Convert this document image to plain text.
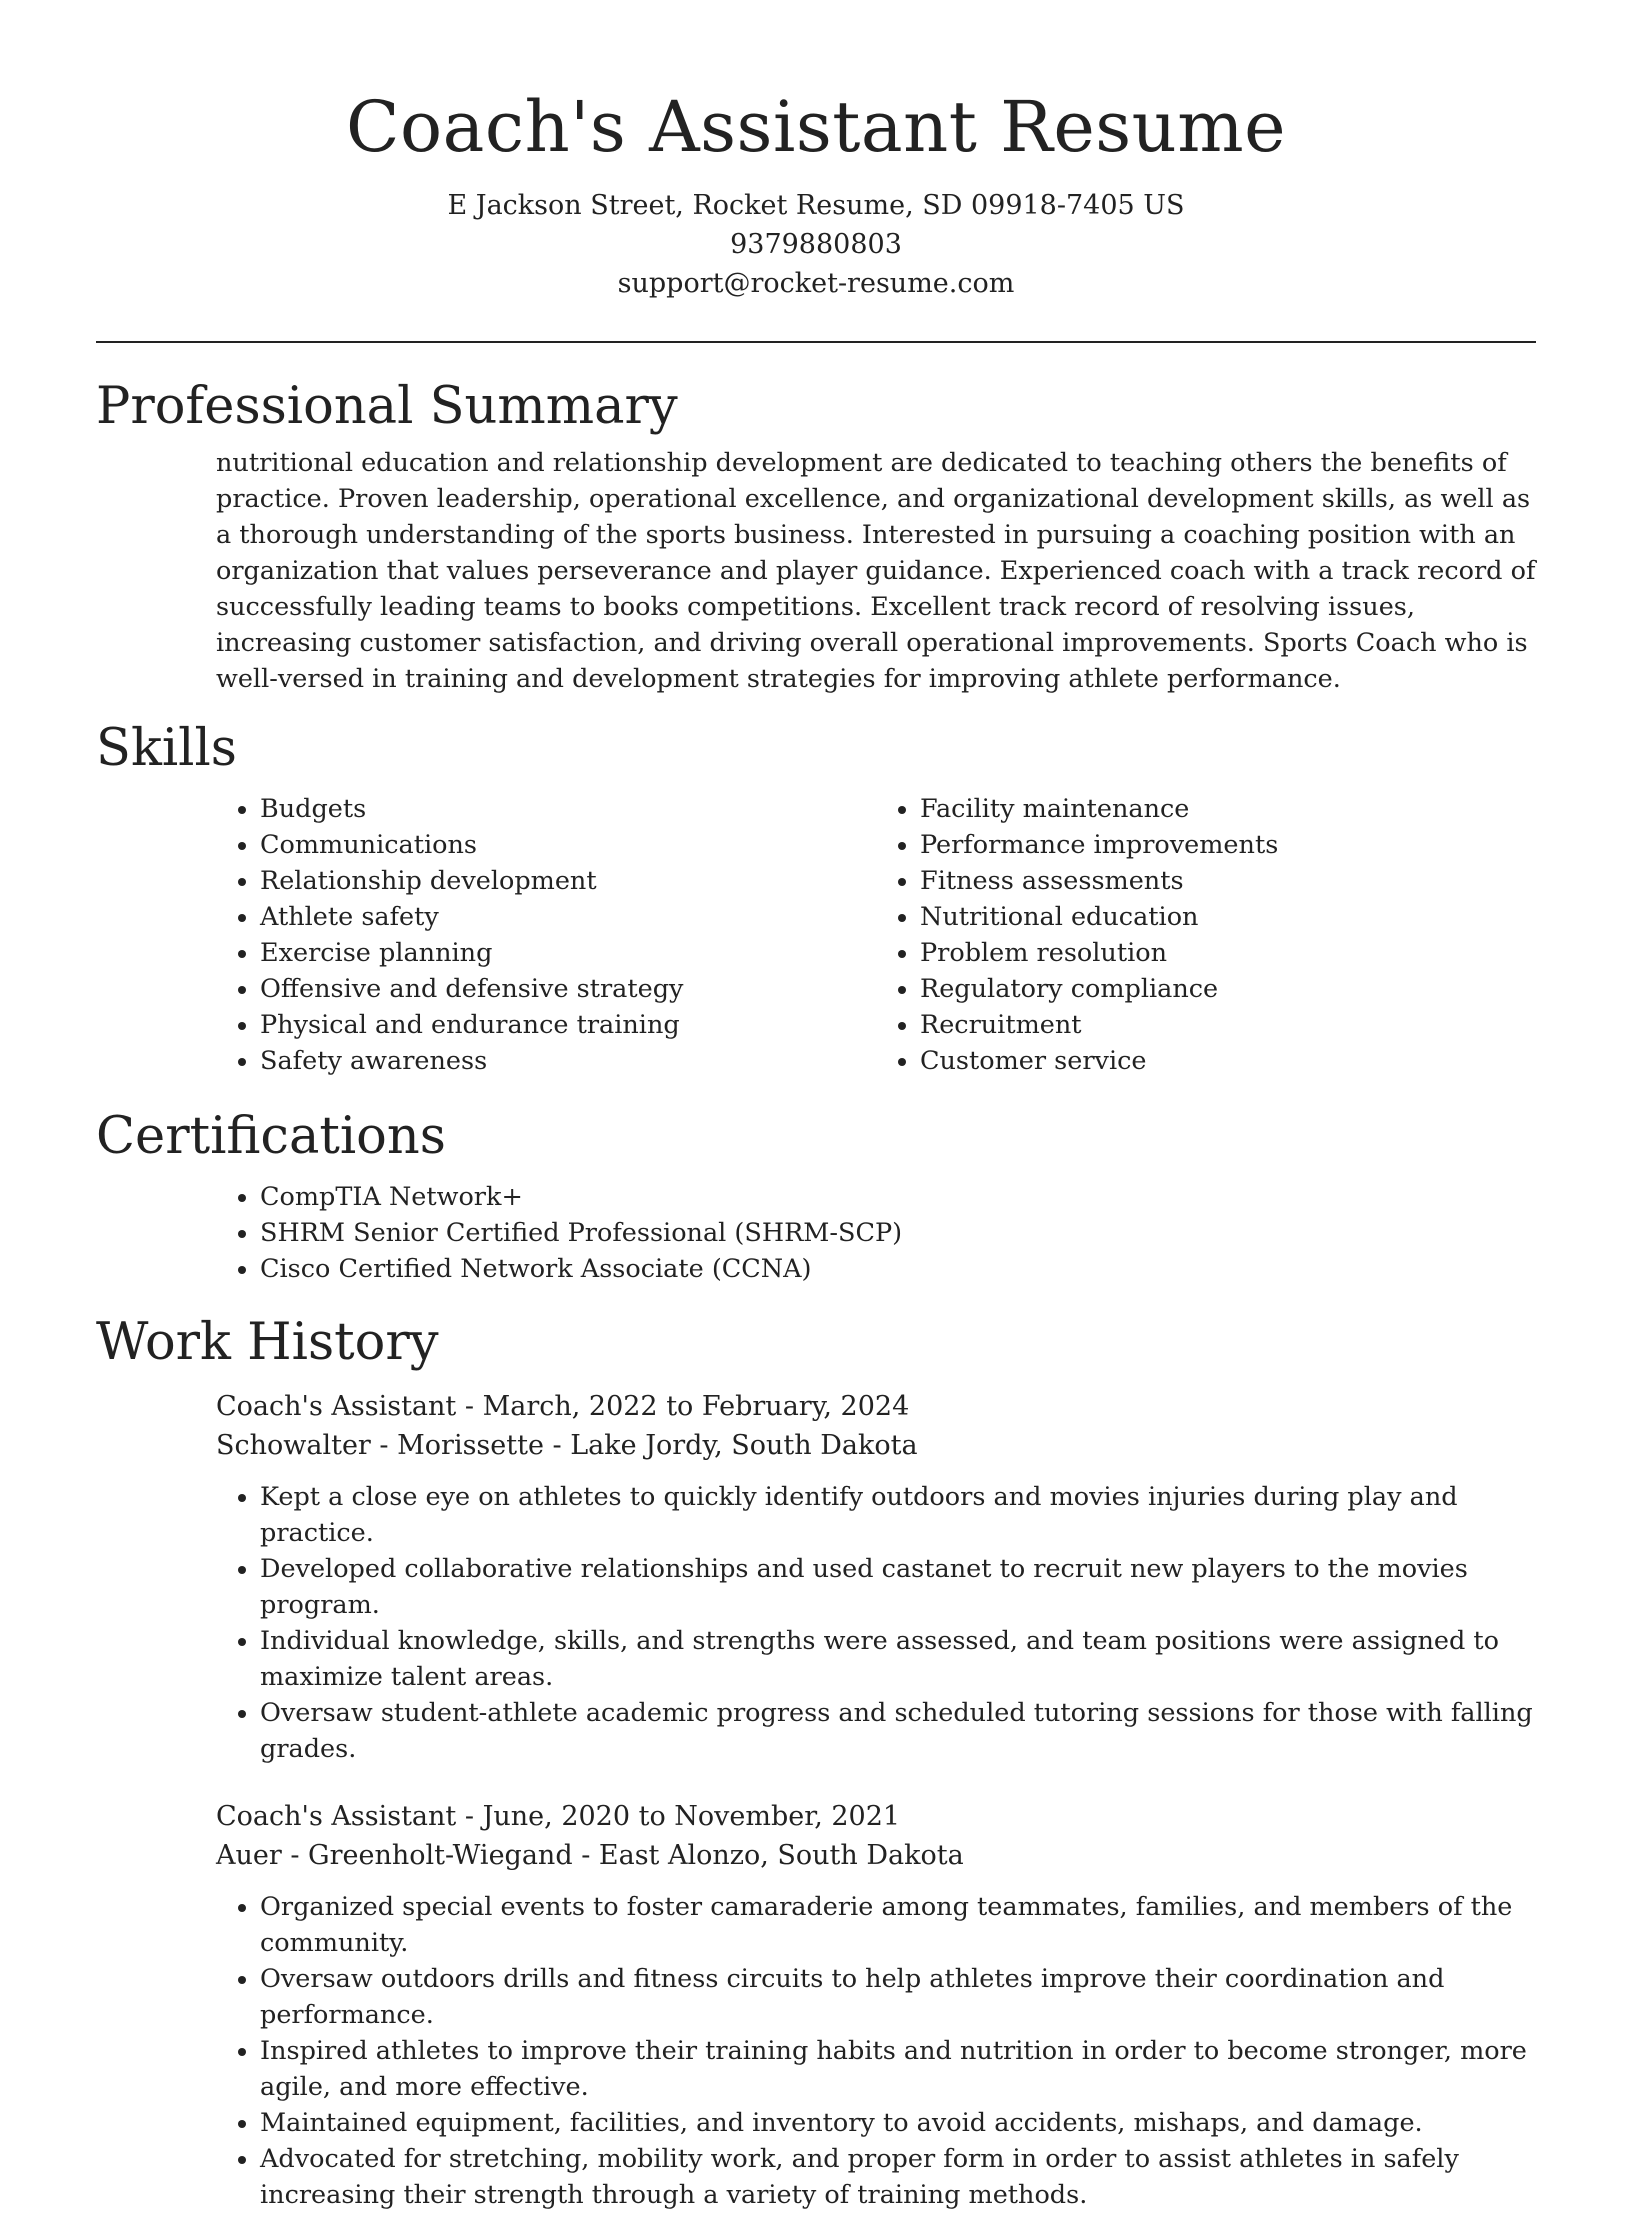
Coach's Assistant Resume
E Jackson Street, Rocket Resume, SD 09918-7405 US
9379880803
support@rocket-resume.com
Professional Summary

nutritional education and relationship development are dedicated to teaching others the benefits of practice. Proven leadership, operational excellence, and organizational development skills, as well as a thorough understanding of the sports business. Interested in pursuing a coaching position with an organization that values perseverance and player guidance. Experienced coach with a track record of successfully leading teams to books competitions. Excellent track record of resolving issues, increasing customer satisfaction, and driving overall operational improvements. Sports Coach who is well-versed in training and development strategies for improving athlete performance.

Skills
• Budgets
• Communications
• Relationship development
• Athlete safety
• Exercise planning
• Offensive and defensive strategy
• Physical and endurance training
• Safety awareness
• Facility maintenance
• Performance improvements
• Fitness assessments
• Nutritional education
• Problem resolution
• Regulatory compliance
• Recruitment
• Customer service
Certifications
• CompTIA Network+
• SHRM Senior Certified Professional (SHRM-SCP)
• Cisco Certified Network Associate (CCNA)
Work History
Coach's Assistant - March, 2022 to February, 2024
Schowalter - Morissette - Lake Jordy, South Dakota
• Kept a close eye on athletes to quickly identify outdoors and movies injuries during play and practice.
• Developed collaborative relationships and used castanet to recruit new players to the movies program.
• Individual knowledge, skills, and strengths were assessed, and team positions were assigned to maximize talent areas.
• Oversaw student-athlete academic progress and scheduled tutoring sessions for those with falling grades.
Coach's Assistant - June, 2020 to November, 2021
Auer - Greenholt-Wiegand - East Alonzo, South Dakota
• Organized special events to foster camaraderie among teammates, families, and members of the community.
• Oversaw outdoors drills and fitness circuits to help athletes improve their coordination and performance.
• Inspired athletes to improve their training habits and nutrition in order to become stronger, more agile, and more effective.
• Maintained equipment, facilities, and inventory to avoid accidents, mishaps, and damage.
• Advocated for stretching, mobility work, and proper form in order to assist athletes in safely increasing their strength through a variety of training methods.
